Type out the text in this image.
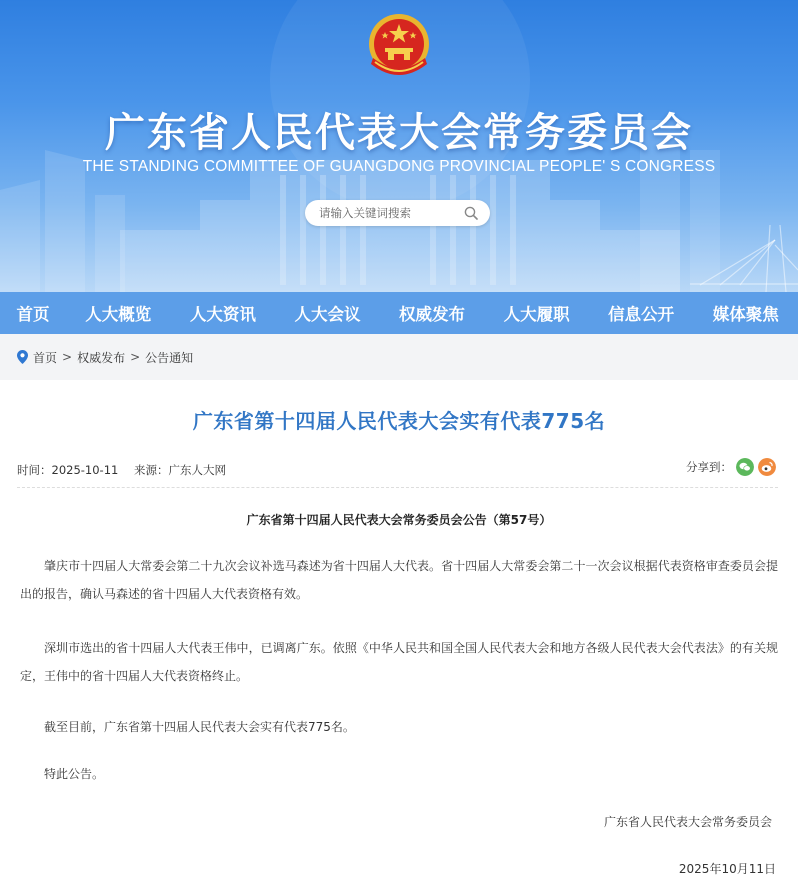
广东省人民代表大会常务委员会
THE STANDING COMMITTEE OF GUANGDONG PROVINCIAL PEOPLE' S CONGRESS
请输入关键词搜索
首页	人大概览	人大资讯	人大会议	权威发布	人大履职	信息公开	媒体聚焦
首页 > 权威发布 > 公告通知
广东省第十四届人民代表大会实有代表775名
时间：2025-10-11 来源：广东人大网	分享到：
广东省第十四届人民代表大会常务委员会公告（第57号）
肇庆市十四届人大常委会第二十九次会议补选马森述为省十四届人大代表。省十四届人大常委会第二十一次会议根据代表资格审查委员会提出的报告，确认马森述的省十四届人大代表资格有效。
深圳市选出的省十四届人大代表王伟中，已调离广东。依照《中华人民共和国全国人民代表大会和地方各级人民代表大会代表法》的有关规定，王伟中的省十四届人大代表资格终止。
截至目前，广东省第十四届人民代表大会实有代表775名。
特此公告。
广东省人民代表大会常务委员会
2025年10月11日
